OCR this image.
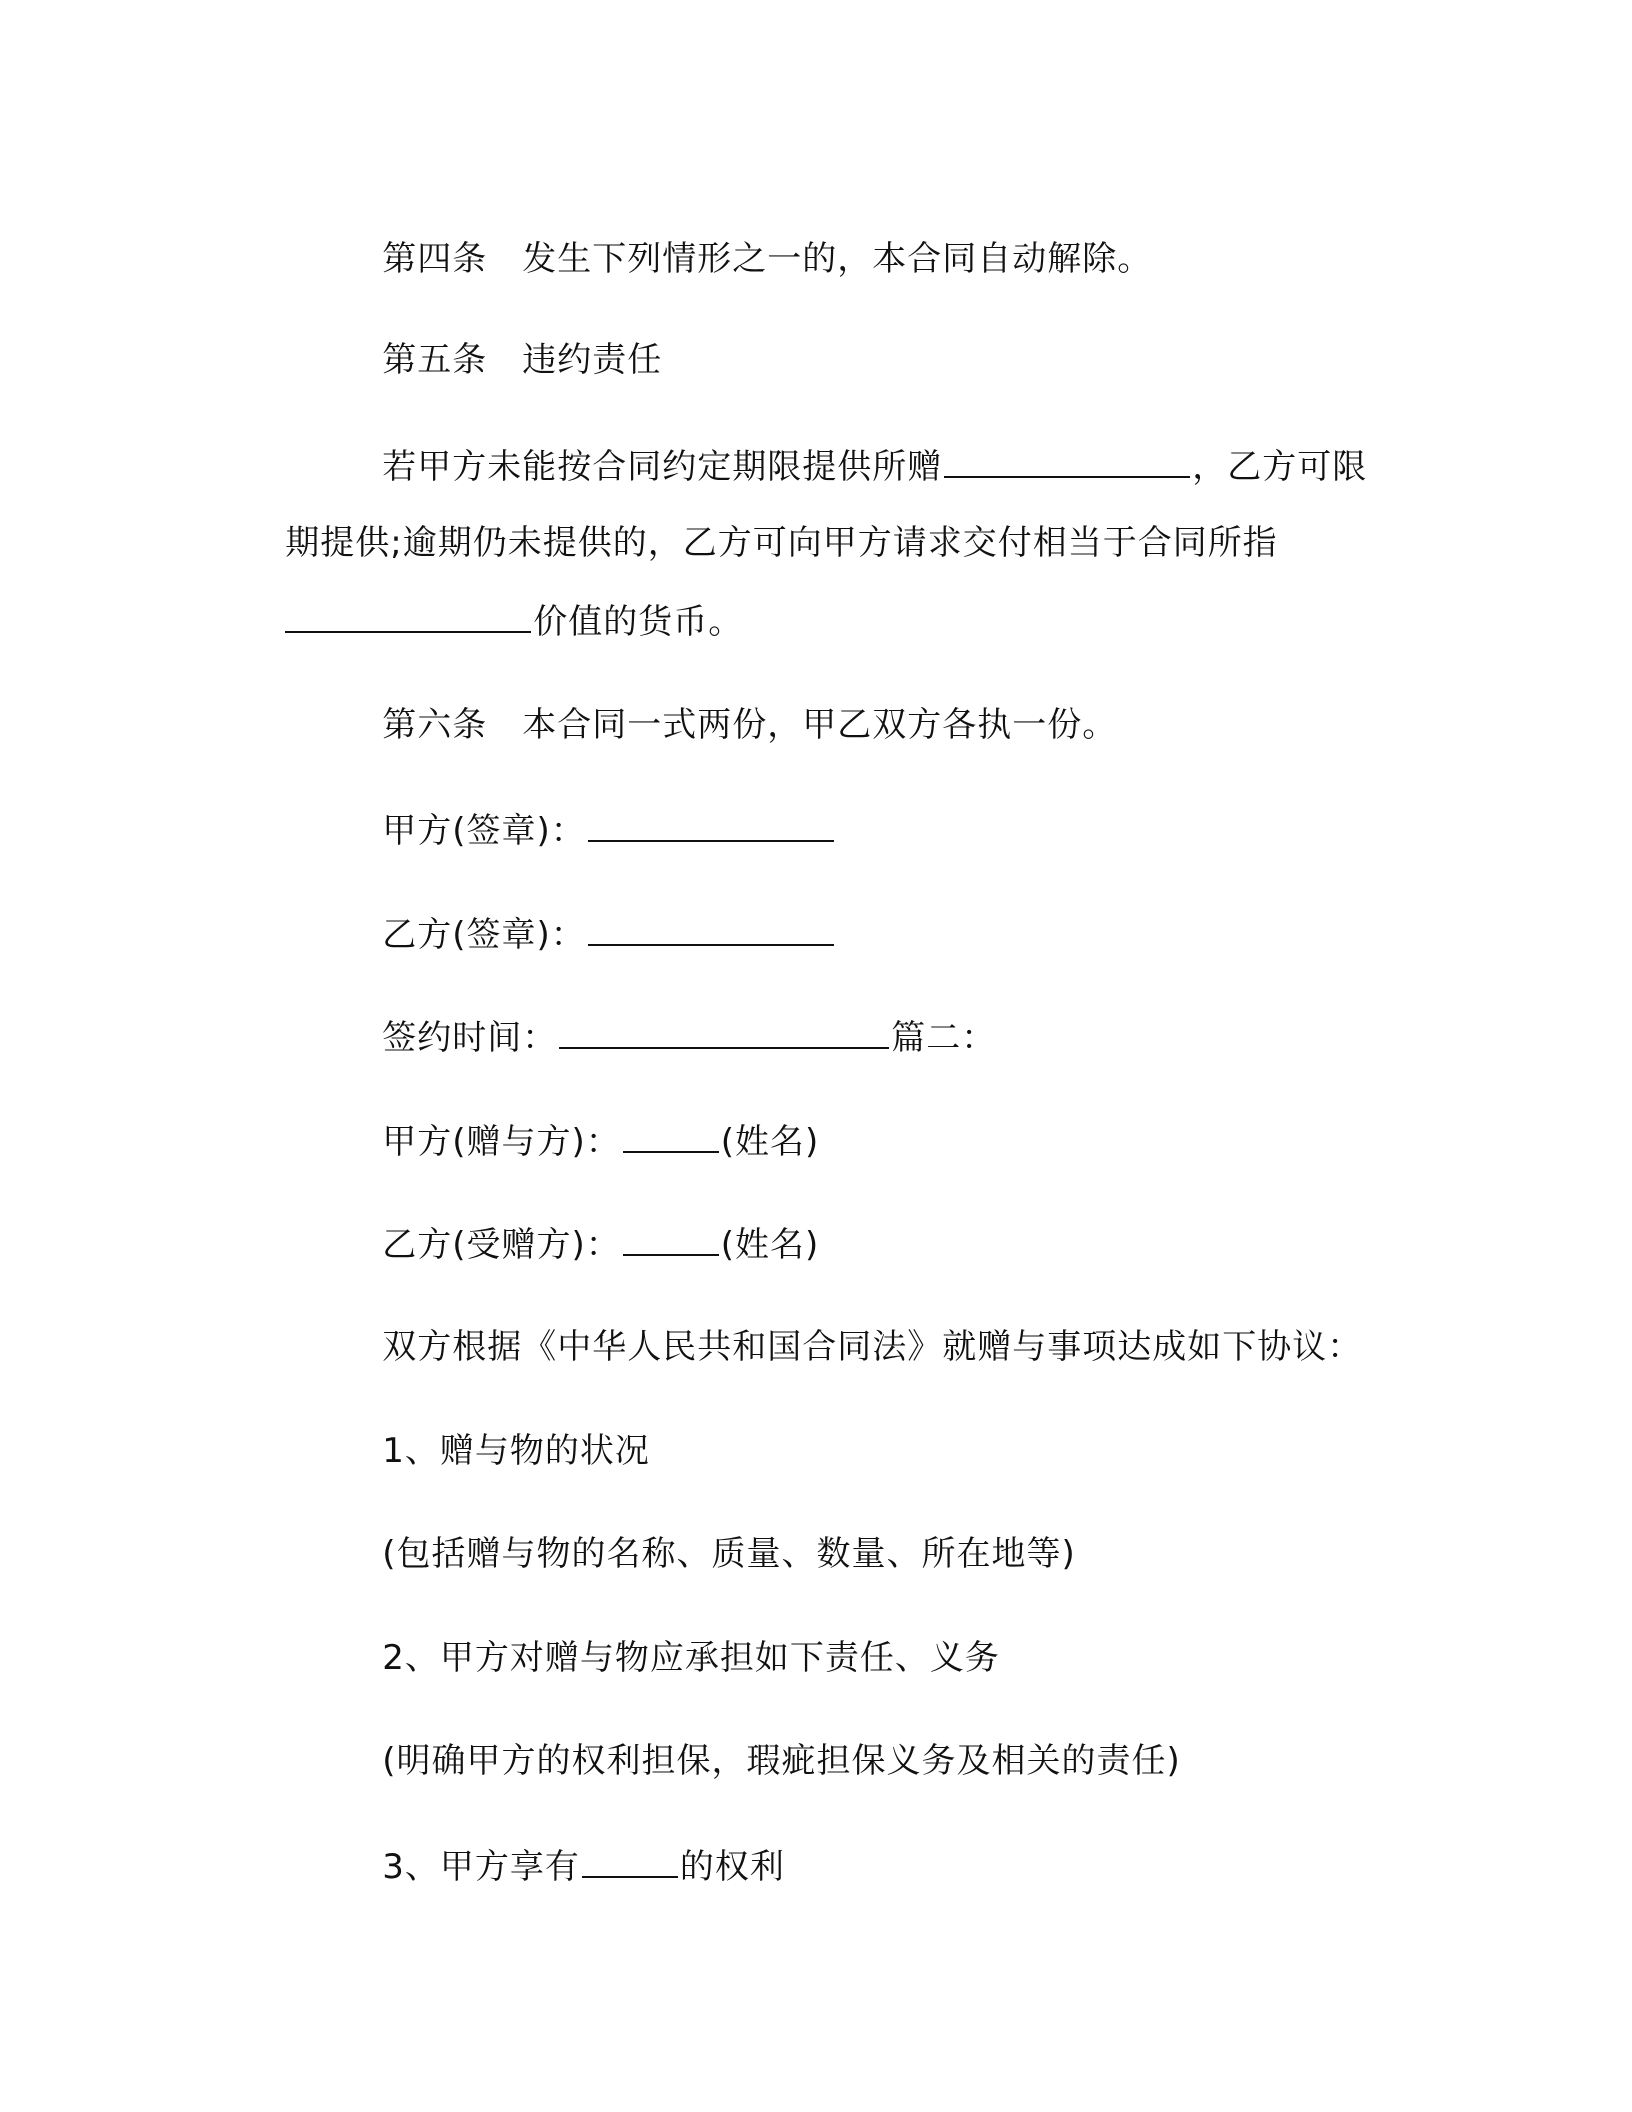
第四条　发生下列情形之一的，本合同自动解除。

第五条　违约责任

若甲方未能按合同约定期限提供所赠	，乙方可限

期提供;逾期仍未提供的，乙方可向甲方请求交付相当于合同所指

价值的货币。

第六条　本合同一式两份，甲乙双方各执一份。

甲方(签章)：

乙方(签章)：

签约时间：	篇二：

甲方(赠与方)：	(姓名)

乙方(受赠方)：	(姓名)

双方根据《中华人民共和国合同法》就赠与事项达成如下协议：

1、赠与物的状况

(包括赠与物的名称、质量、数量、所在地等)

2、甲方对赠与物应承担如下责任、义务

(明确甲方的权利担保，瑕疵担保义务及相关的责任)

3、甲方享有	的权利
